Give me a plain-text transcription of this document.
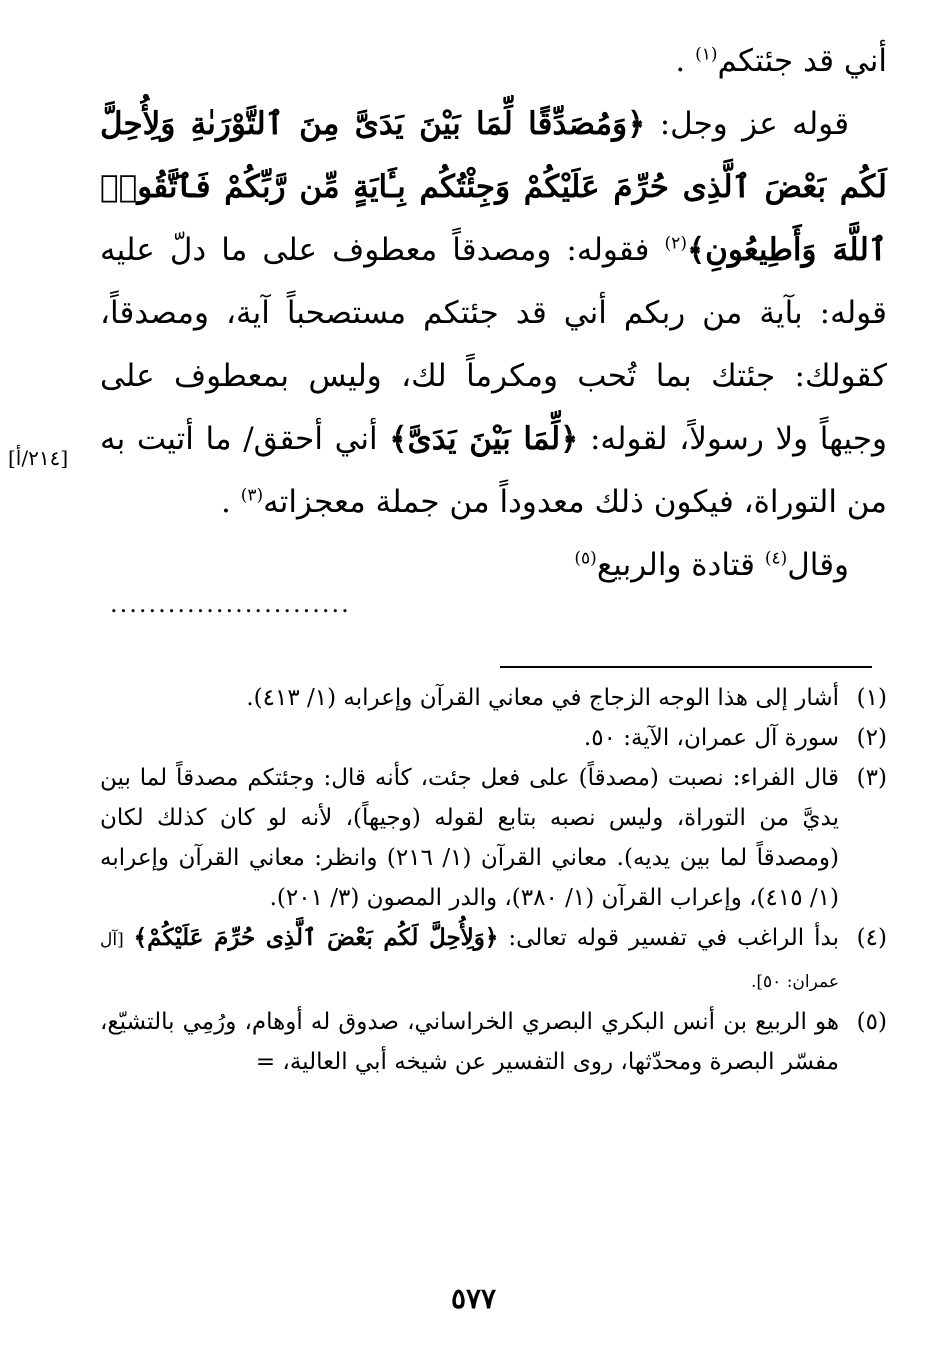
أني قد جئتكم$^{(١)}$ .

قوله عز وجل: ﴿وَمُصَدِّقًا لِّمَا بَيْنَ يَدَىَّ مِنَ ٱلتَّوْرَىٰةِ وَلِأُحِلَّ لَكُم بَعْضَ ٱلَّذِى حُرِّمَ عَلَيْكُمْ وَجِئْتُكُم بِـَٔايَةٍ مِّن رَّبِّكُمْ فَٱتَّقُوا۟ ٱللَّهَ وَأَطِيعُونِ﴾$^{(٢)}$ فقوله: ومصدقاً معطوف على ما دلّ عليه قوله: بآية من ربكم أني قد جئتكم مستصحباً آية، ومصدقاً، كقولك: جئتك بما تُحب ومكرماً لك، وليس بمعطوف على وجيهاً ولا رسولاً، لقوله: ﴿لِّمَا بَيْنَ يَدَىَّ﴾ أني أحقق/ ما أتيت به من التوراة، فيكون ذلك معدوداً من جملة معجزاته$^{(٣)}$ .

وقال$^{(٤)}$ قتادة والربيع$^{(٥)}$

[٢١٤/أ]
.........................
(١)
أشار إلى هذا الوجه الزجاج في معاني القرآن وإعرابه (١/ ٤١٣).
(٢)
سورة آل عمران، الآية: ٥٠.
(٣)
قال الفراء: نصبت (مصدقاً) على فعل جئت، كأنه قال: وجئتكم مصدقاً لما بين يديَّ من التوراة، وليس نصبه بتابع لقوله (وجيهاً)، لأنه لو كان كذلك لكان (ومصدقاً لما بين يديه). معاني القرآن (١/ ٢١٦) وانظر: معاني القرآن وإعرابه (١/ ٤١٥)، وإعراب القرآن (١/ ٣٨٠)، والدر المصون (٣/ ٢٠١).
(٤)
بدأ الراغب في تفسير قوله تعالى: ﴿وَلِأُحِلَّ لَكُم بَعْضَ ٱلَّذِى حُرِّمَ عَلَيْكُمْ﴾ [آل عمران: ٥٠].
(٥)
هو الربيع بن أنس البكري البصري الخراساني، صدوق له أوهام، ورُمِي بالتشيّع، مفسّر البصرة ومحدّثها، روى التفسير عن شيخه أبي العالية، =
٥٧٧
